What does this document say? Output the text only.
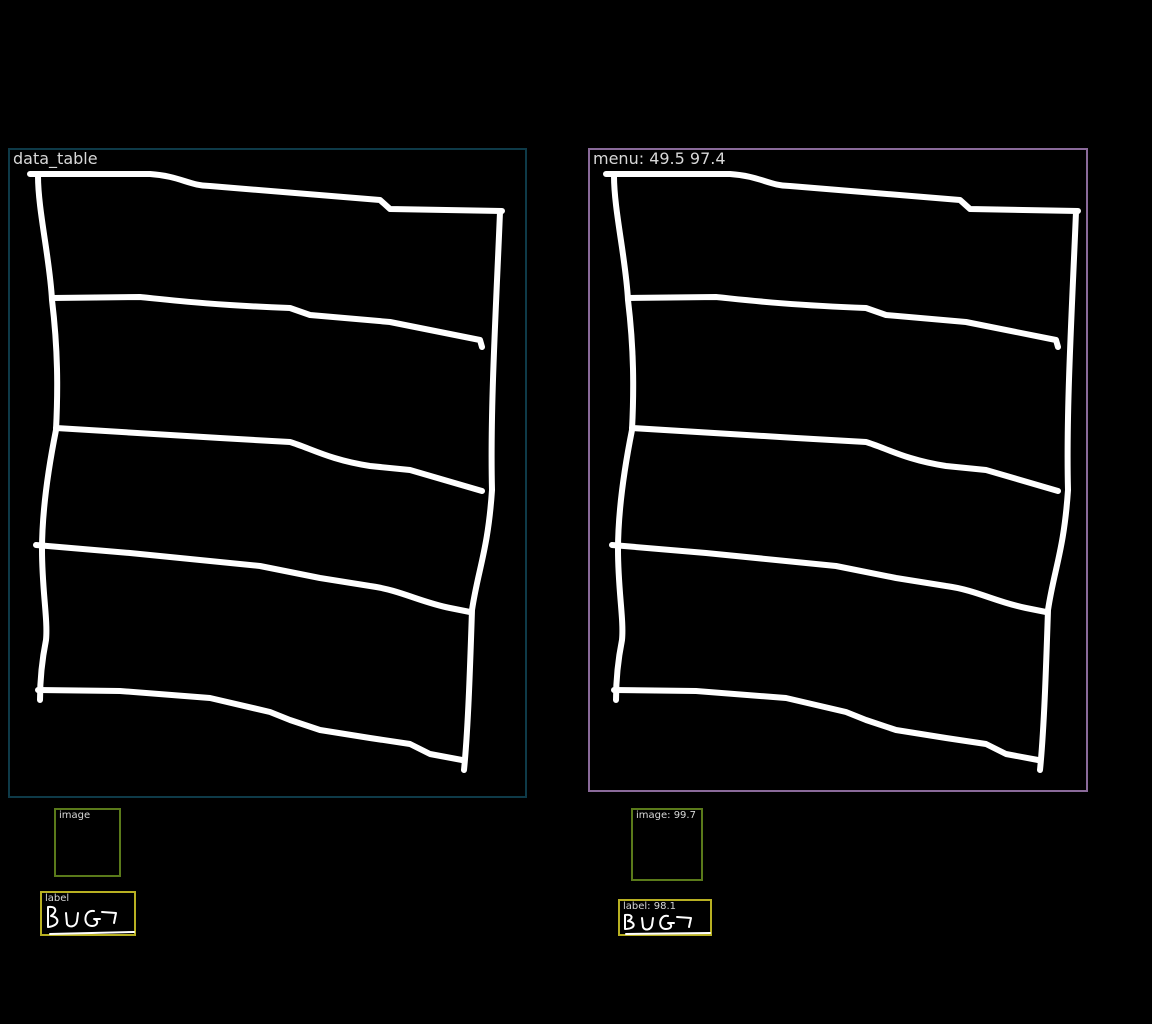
data_table
image
label
menu: 49.5 97.4
image: 99.7
label: 98.1
